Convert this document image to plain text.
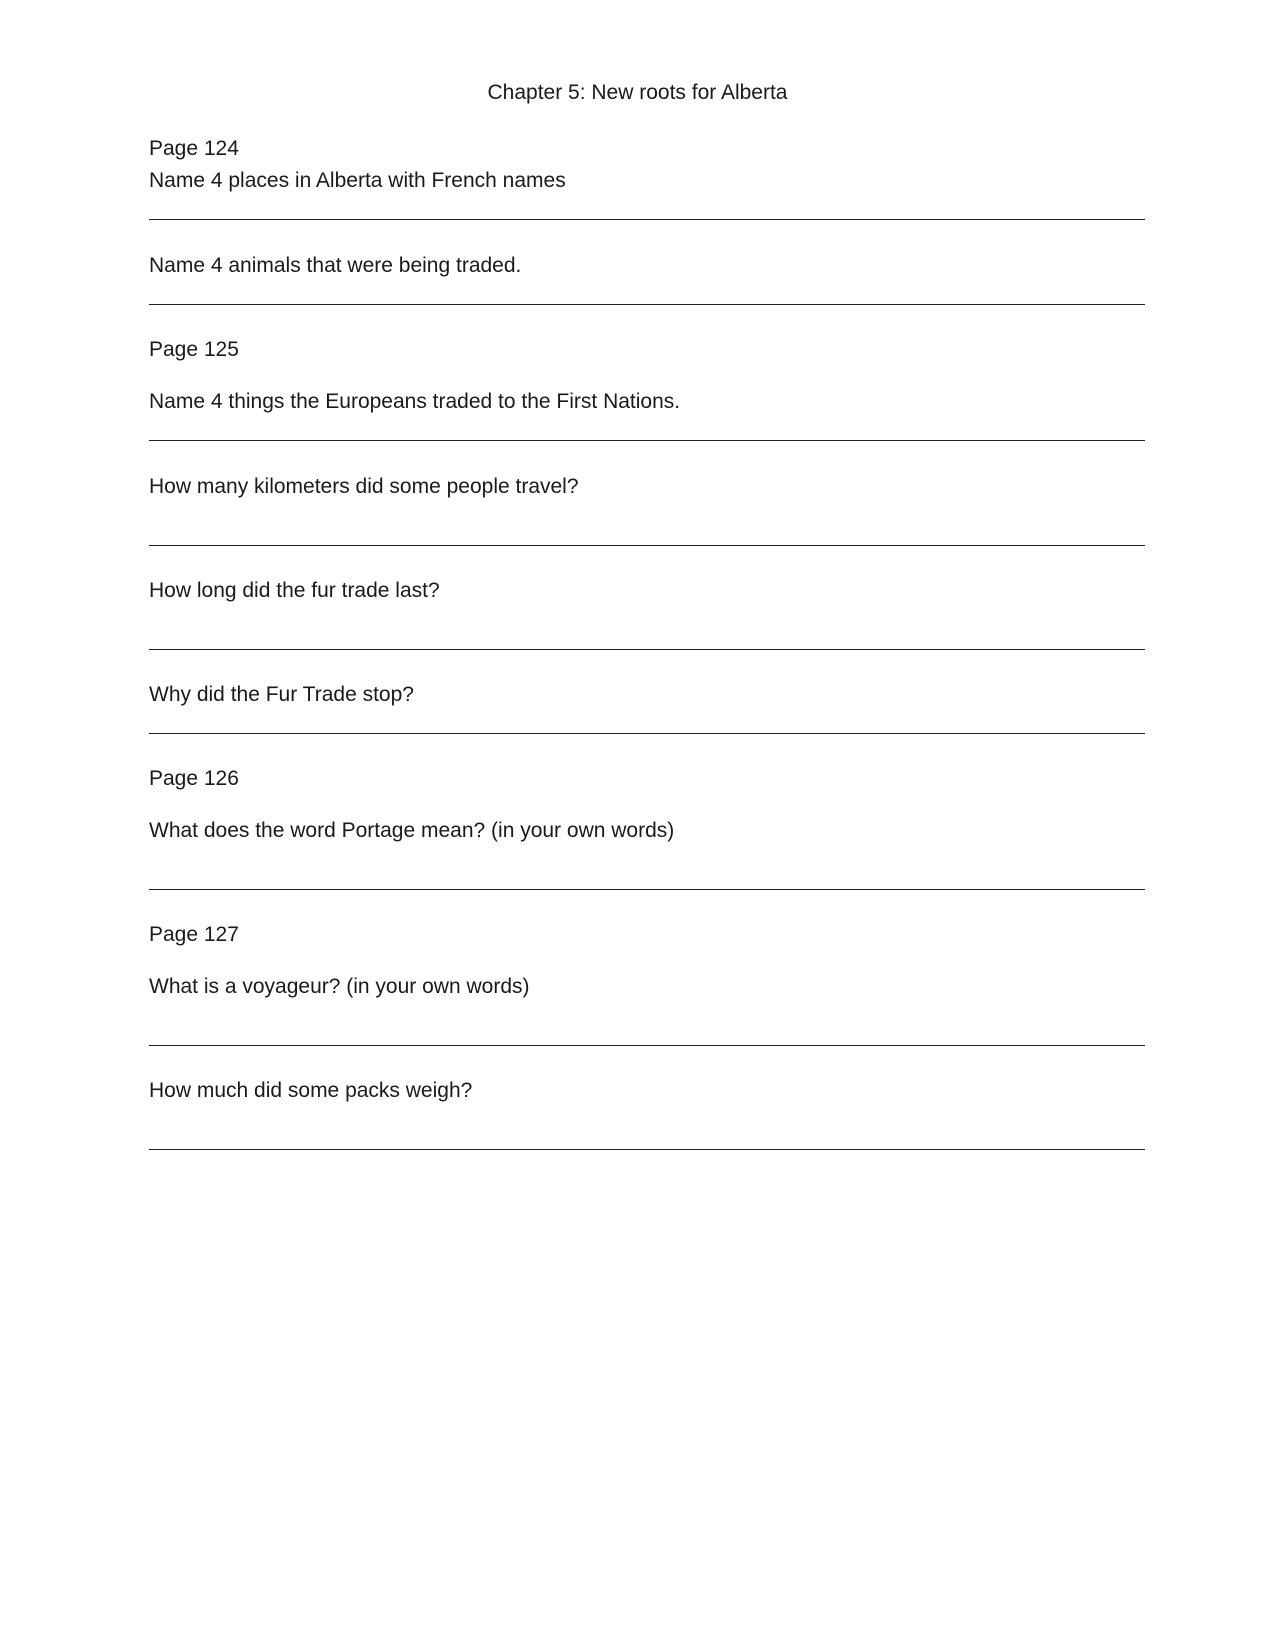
Chapter 5: New roots for Alberta
Page 124
Name 4 places in Alberta with French names
Name 4 animals that were being traded.
Page 125
Name 4 things the Europeans traded to the First Nations.
How many kilometers did some people travel?
How long did the fur trade last?
Why did the Fur Trade stop?
Page 126
What does the word Portage mean? (in your own words)
Page 127
What is a voyageur? (in your own words)
How much did some packs weigh?
